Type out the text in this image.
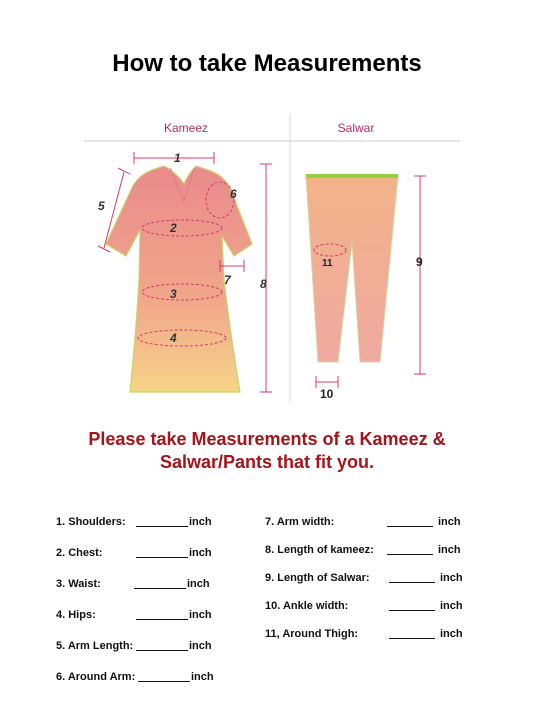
How to take Measurements
Kameez	Salwar
1
2
3
4
5
6
7 8
9
10
11
Please take Measurements of a Kameez &
Salwar/Pants that fit you.
1. Shoulders:	inch
2. Chest:	inch
3. Waist:	inch
4. Hips:	inch
5. Arm Length:	inch
6. Around Arm:	inch
7. Arm width:	inch
8. Length of kameez:	inch
9. Length of Salwar:	inch
10. Ankle width:	inch
11, Around Thigh:	inch
